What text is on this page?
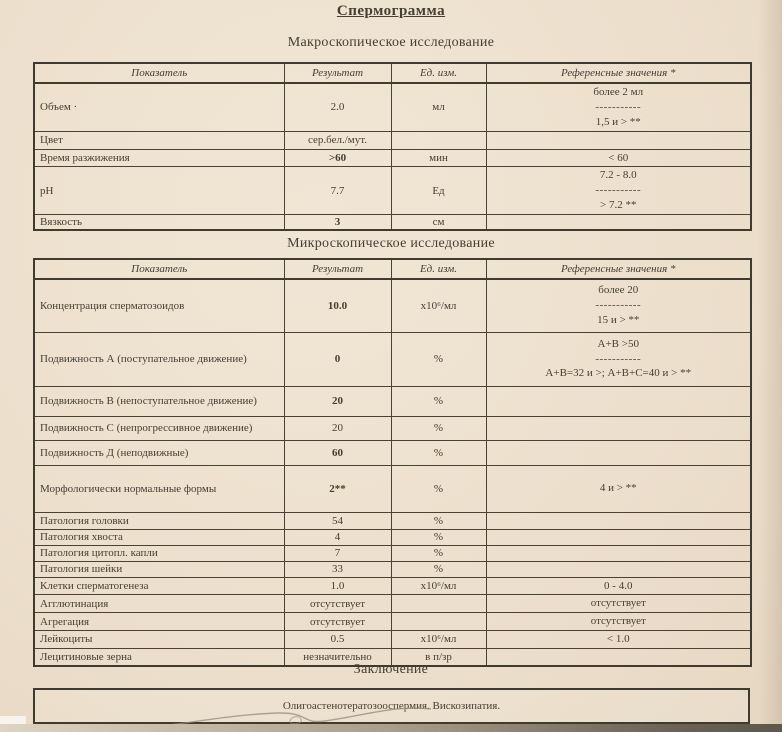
Спермограмма
Макроскопическое исследование
Показатель	Результат	Ед. изм.	Референсные значения *
Объем ·	2.0	мл	более 2 мл
-----------
1,5 и > **

Цвет	сер.бел./мут.		
Время разжижения	>60	мин	< 60

pH	7.7	Ед	7.2 - 8.0
-----------
> 7.2 **

Вязкость	3	см	
Микроскопическое исследование
Показатель	Результат	Ед. изм.	Референсные значения *
Концентрация сперматозоидов	10.0	x10⁶/мл	более 20
-----------
15 и > **

Подвижность А (поступательное движение)	0	%	А+В >50
-----------
А+В=32 и >; А+В+С=40 и > **

Подвижность В (непоступательное движение)	20	%	
Подвижность С (непрогрессивное движение)	20	%	
Подвижность Д (неподвижные)	60	%	
Морфологически нормальные формы	2**	%	4 и > **

Патология головки	54	%	
Патология хвоста	4	%	
Патология цитопл. капли	7	%	
Патология шейки	33	%	
Клетки сперматогенеза	1.0	x10⁶/мл	0 - 4.0

Агглютинация	отсутствует		отсутствует

Агрегация	отсутствует		отсутствует

Лейкоциты	0.5	x10⁶/мл	< 1.0

Лецитиновые зерна	незначительно	в п/зр	
Заключение
Олигоастенотератозооспермия. Вискозипатия.
